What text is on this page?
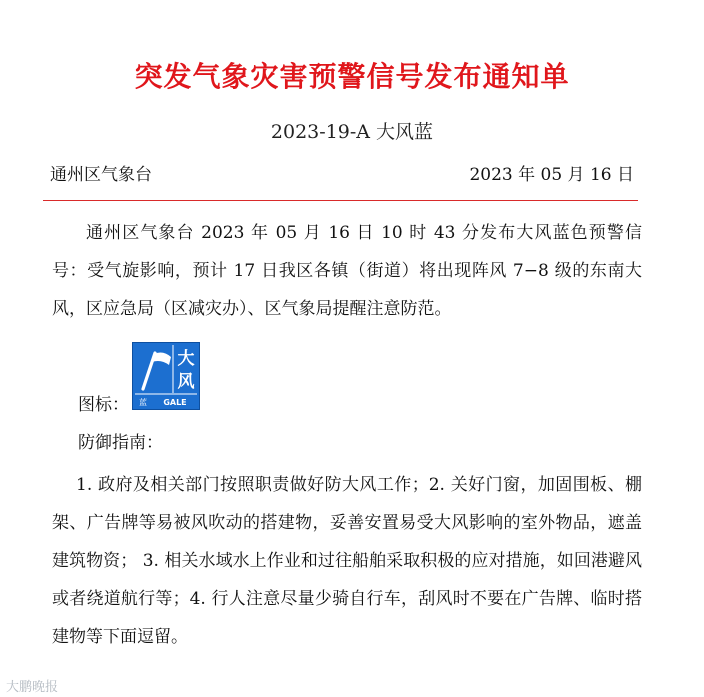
突发气象灾害预警信号发布通知单
2023-19-A 大风蓝
通州区气象台	2023 年 05 月 16 日
通州区气象台 2023 年 05 月 16 日 10 时 43 分发布大风蓝色预警信号：受气旋影响，预计 17 日我区各镇（街道）将出现阵风 7−8 级的东南大风，区应急局（区减灾办）、区气象局提醒注意防范。
图标：
大
风
蓝 GALE
防御指南：
1. 政府及相关部门按照职责做好防大风工作；2. 关好门窗，加固围板、棚架、广告牌等易被风吹动的搭建物，妥善安置易受大风影响的室外物品，遮盖建筑物资； 3. 相关水域水上作业和过往船舶采取积极的应对措施，如回港避风或者绕道航行等；4. 行人注意尽量少骑自行车，刮风时不要在广告牌、临时搭建物等下面逗留。
大鹏晚报
